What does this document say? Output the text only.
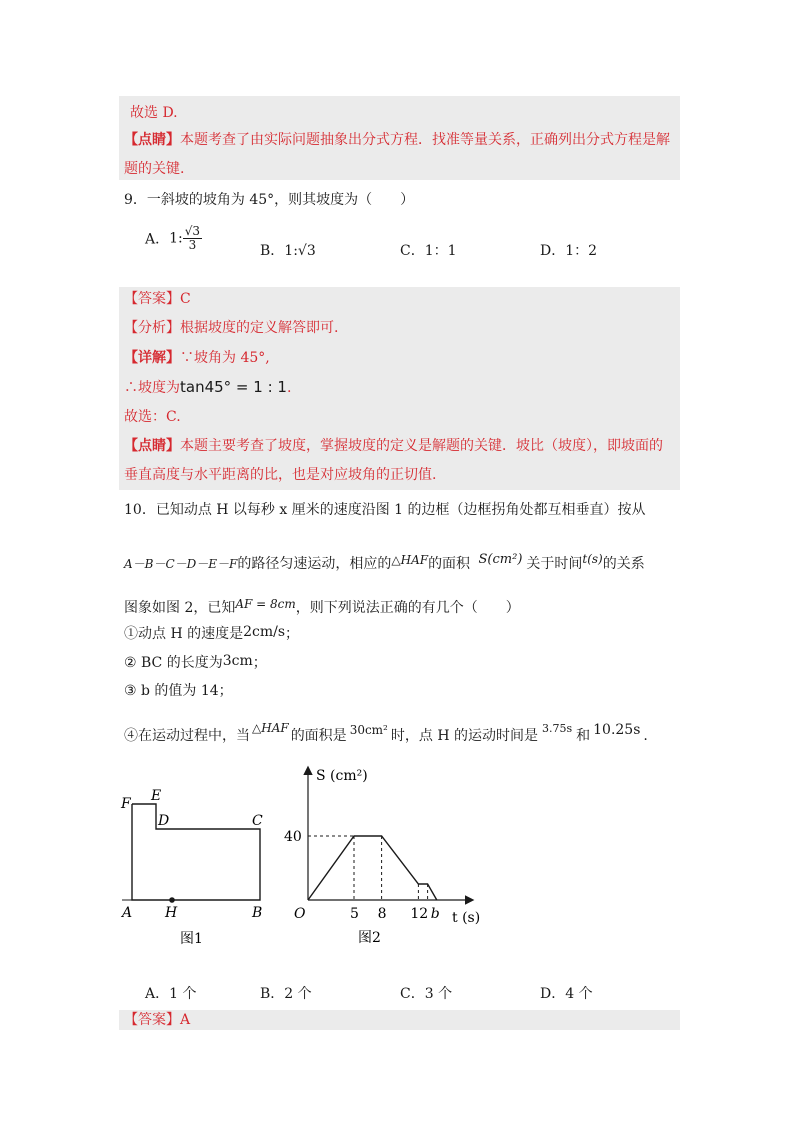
故选 D.
【点睛】本题考查了由实际问题抽象出分式方程．找准等量关系，正确列出分式方程是解
题的关键.
9．一斜坡的坡角为 45°，则其坡度为（　　）
A．1: $\frac{√3}{3}$	B．1:√3	C．1：1	D．1：2
【答案】C
【分析】根据坡度的定义解答即可.
【详解】∵坡角为 45°,
∴坡度为tan45° = 1 : 1.
故选：C.
【点睛】本题主要考查了坡度，掌握坡度的定义是解题的关键．坡比（坡度），即坡面的
垂直高度与水平距离的比，也是对应坡角的正切值.
10．已知动点 H 以每秒 x 厘米的速度沿图 1 的边框（边框拐角处都互相垂直）按从
A－B－C－D－E－F的路径匀速运动，相应的△HAF的面积 S(cm²) 关于时间t(s)的关系
图象如图 2，已知AF = 8cm，则下列说法正确的有几个（　　）
①动点 H 的速度是2cm/s；
② BC 的长度为3cm；
③ b 的值为 14；
④在运动过程中，当 △HAF 的面积是 30cm² 时，点 H 的运动时间是 $^{3.75s}$ 和 10.25s .
F E
D	C
A H	B
图1
S (cm²)
t (s)
40
O	5 8 12 b
图2
A．1 个	B．2 个	C．3 个	D．4 个
【答案】A
